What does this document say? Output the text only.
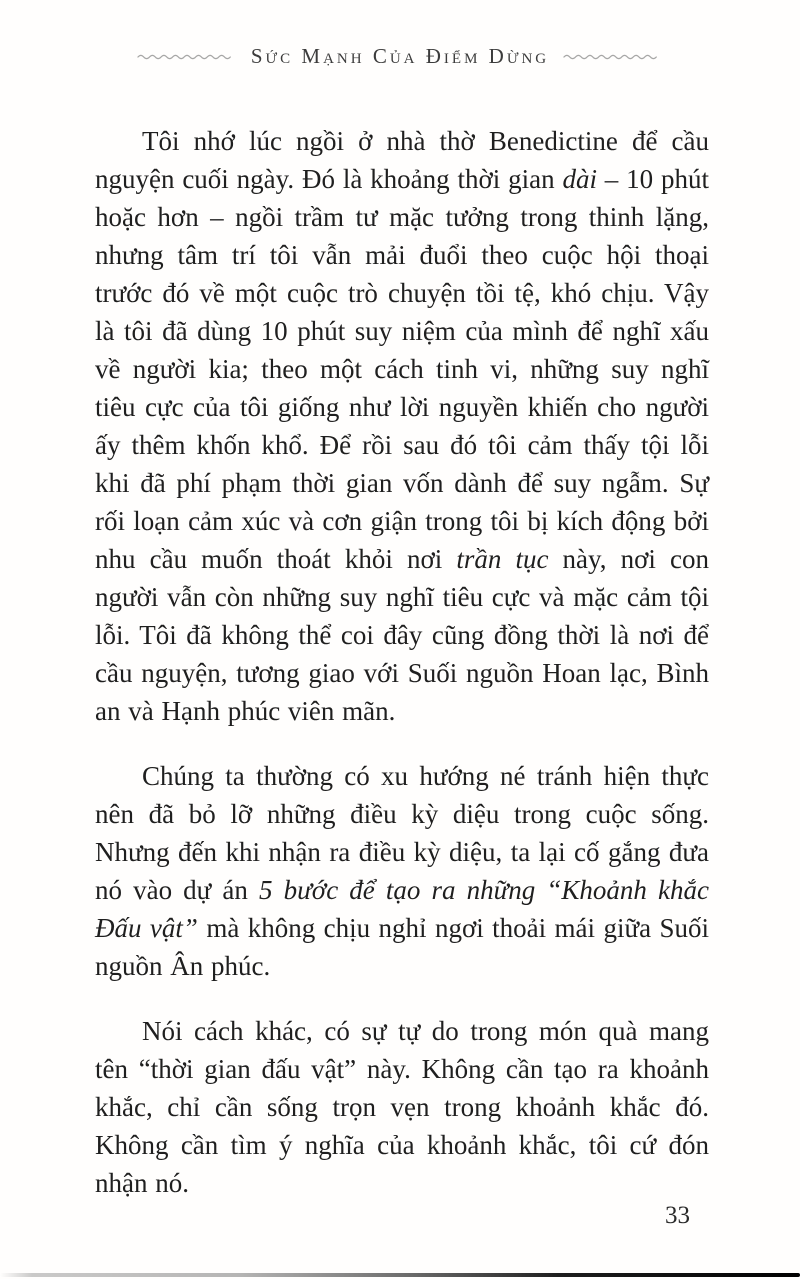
Sức Mạnh Của Điểm Dừng

Tôi nhớ lúc ngồi ở nhà thờ Benedictine để cầu nguyện cuối ngày. Đó là khoảng thời gian dài – 10 phút hoặc hơn – ngồi trầm tư mặc tưởng trong thinh lặng, nhưng tâm trí tôi vẫn mải đuổi theo cuộc hội thoại trước đó về một cuộc trò chuyện tồi tệ, khó chịu. Vậy là tôi đã dùng 10 phút suy niệm của mình để nghĩ xấu về người kia; theo một cách tinh vi, những suy nghĩ tiêu cực của tôi giống như lời nguyền khiến cho người ấy thêm khốn khổ. Để rồi sau đó tôi cảm thấy tội lỗi khi đã phí phạm thời gian vốn dành để suy ngẫm. Sự rối loạn cảm xúc và cơn giận trong tôi bị kích động bởi nhu cầu muốn thoát khỏi nơi trần tục này, nơi con người vẫn còn những suy nghĩ tiêu cực và mặc cảm tội lỗi. Tôi đã không thể coi đây cũng đồng thời là nơi để cầu nguyện, tương giao với Suối nguồn Hoan lạc, Bình an và Hạnh phúc viên mãn.

Chúng ta thường có xu hướng né tránh hiện thực nên đã bỏ lỡ những điều kỳ diệu trong cuộc sống. Nhưng đến khi nhận ra điều kỳ diệu, ta lại cố gắng đưa nó vào dự án 5 bước để tạo ra những “Khoảnh khắc Đấu vật” mà không chịu nghỉ ngơi thoải mái giữa Suối nguồn Ân phúc.

Nói cách khác, có sự tự do trong món quà mang tên “thời gian đấu vật” này. Không cần tạo ra khoảnh khắc, chỉ cần sống trọn vẹn trong khoảnh khắc đó. Không cần tìm ý nghĩa của khoảnh khắc, tôi cứ đón nhận nó.

33
